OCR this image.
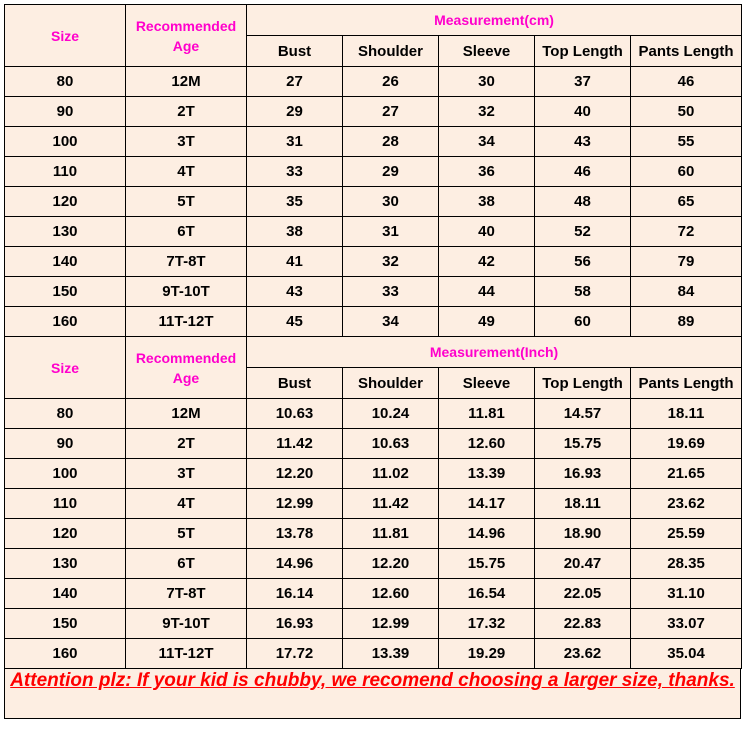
Size	Recommended Age	Measurement(cm)				
		Bust	Shoulder	Sleeve	Top Length	Pants Length
80	12M	27	26	30	37	46
90	2T	29	27	32	40	50
100	3T	31	28	34	43	55
110	4T	33	29	36	46	60
120	5T	35	30	38	48	65
130	6T	38	31	40	52	72
140	7T-8T	41	32	42	56	79
150	9T-10T	43	33	44	58	84
160	11T-12T	45	34	49	60	89
Size	Recommended Age	Measurement(Inch)				
		Bust	Shoulder	Sleeve	Top Length	Pants Length
80	12M	10.63	10.24	11.81	14.57	18.11
90	2T	11.42	10.63	12.60	15.75	19.69
100	3T	12.20	11.02	13.39	16.93	21.65
110	4T	12.99	11.42	14.17	18.11	23.62
120	5T	13.78	11.81	14.96	18.90	25.59
130	6T	14.96	12.20	15.75	20.47	28.35
140	7T-8T	16.14	12.60	16.54	22.05	31.10
150	9T-10T	16.93	12.99	17.32	22.83	33.07
160	11T-12T	17.72	13.39	19.29	23.62	35.04
Attention plz: If your kid is chubby, we recomend choosing a larger size, thanks.
